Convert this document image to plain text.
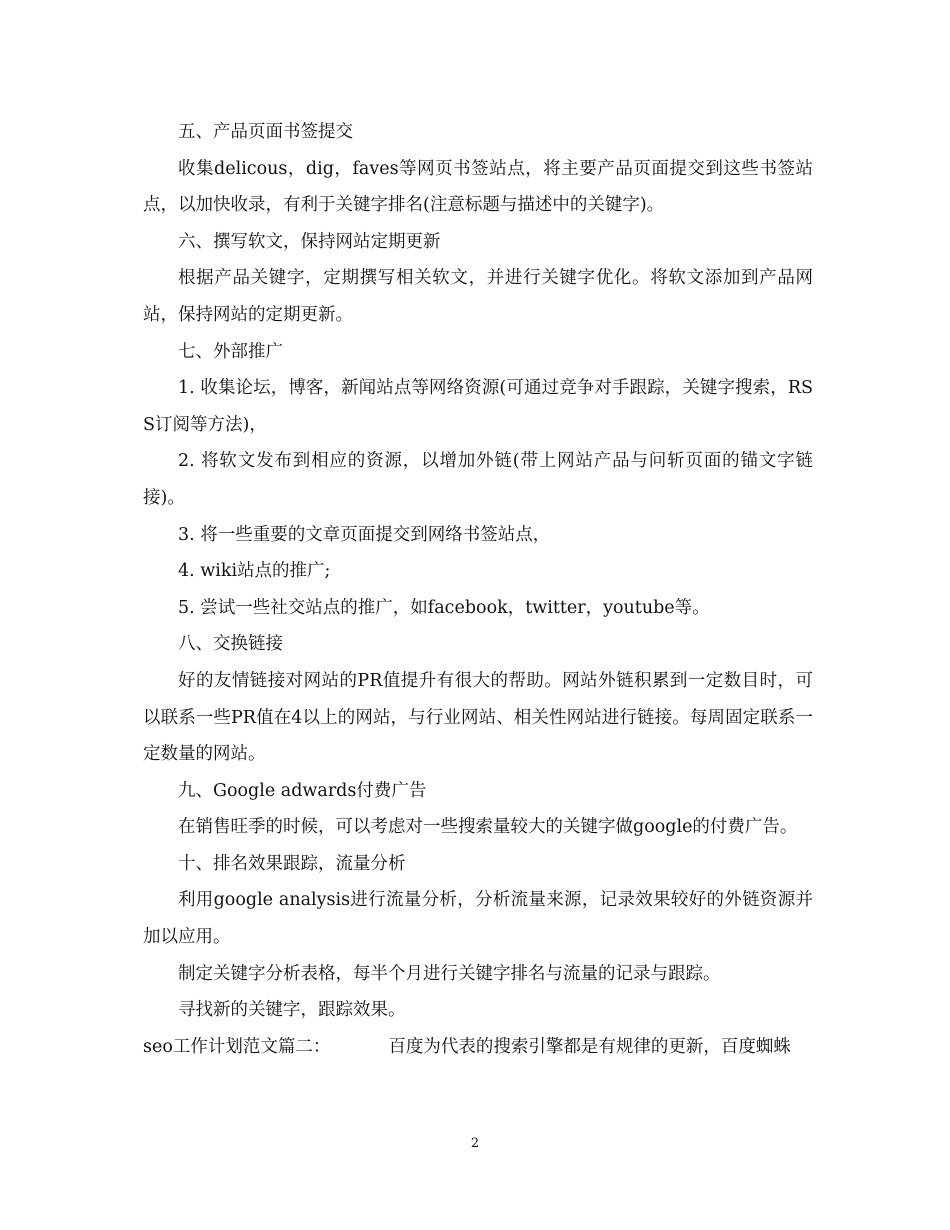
五、产品页面书签提交

收集delicous，dig，faves等网页书签站点，将主要产品页面提交到这些书签站点，以加快收录，有利于关键字排名(注意标题与描述中的关键字)。

六、撰写软文，保持网站定期更新

根据产品关键字，定期撰写相关软文，并进行关键字优化。将软文添加到产品网站，保持网站的定期更新。

七、外部推广

1. 收集论坛，博客，新闻站点等网络资源(可通过竞争对手跟踪，关键字搜索，RSS订阅等方法)，

2. 将软文发布到相应的资源，以增加外链(带上网站产品与问斩页面的锚文字链接)。

3. 将一些重要的文章页面提交到网络书签站点，

4. wiki站点的推广;

5. 尝试一些社交站点的推广，如facebook，twitter，youtube等。

八、交换链接

好的友情链接对网站的PR值提升有很大的帮助。网站外链积累到一定数目时，可以联系一些PR值在4以上的网站，与行业网站、相关性网站进行链接。每周固定联系一定数量的网站。

九、Google adwards付费广告

在销售旺季的时候，可以考虑对一些搜索量较大的关键字做google的付费广告。

十、排名效果跟踪，流量分析

利用google analysis进行流量分析，分析流量来源，记录效果较好的外链资源并加以应用。

制定关键字分析表格，每半个月进行关键字排名与流量的记录与跟踪。

寻找新的关键字，跟踪效果。

seo工作计划范文篇二：	百度为代表的搜索引擎都是有规律的更新，百度蜘蛛

2
